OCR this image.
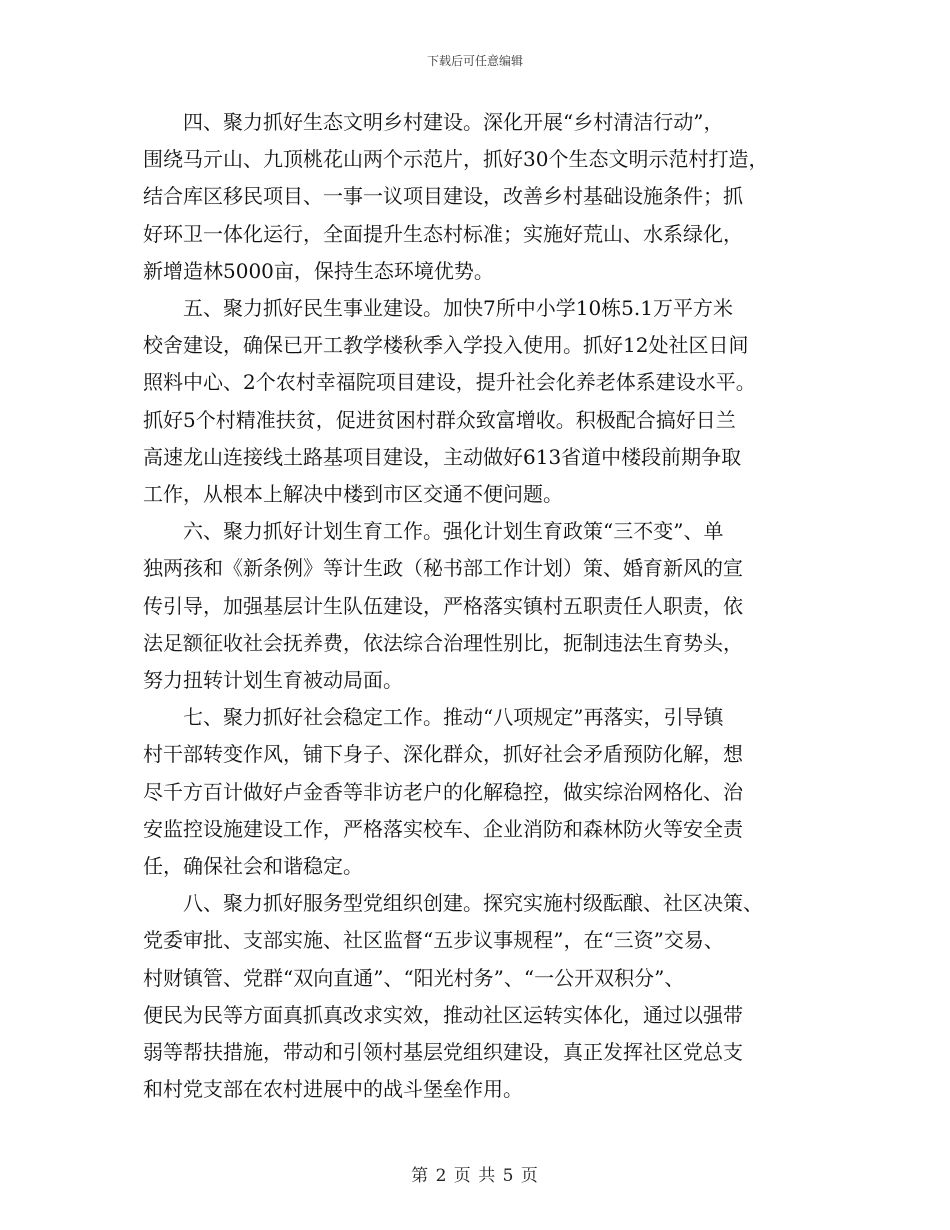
下载后可任意编辑

　　四、聚力抓好生态文明乡村建设。深化开展“乡村清洁行动”，
围绕马亓山、九顶桃花山两个示范片，抓好30个生态文明示范村打造，
结合库区移民项目、一事一议项目建设，改善乡村基础设施条件；抓
好环卫一体化运行，全面提升生态村标准；实施好荒山、水系绿化，
新增造林5000亩，保持生态环境优势。

　　五、聚力抓好民生事业建设。加快7所中小学10栋5.1万平方米
校舍建设，确保已开工教学楼秋季入学投入使用。抓好12处社区日间
照料中心、2个农村幸福院项目建设，提升社会化养老体系建设水平。
抓好5个村精准扶贫，促进贫困村群众致富增收。积极配合搞好日兰
高速龙山连接线土路基项目建设，主动做好613省道中楼段前期争取
工作，从根本上解决中楼到市区交通不便问题。

　　六、聚力抓好计划生育工作。强化计划生育政策“三不变”、单
独两孩和《新条例》等计生政（秘书部工作计划）策、婚育新风的宣
传引导，加强基层计生队伍建设，严格落实镇村五职责任人职责，依
法足额征收社会抚养费，依法综合治理性别比，扼制违法生育势头，
努力扭转计划生育被动局面。

　　七、聚力抓好社会稳定工作。推动“八项规定”再落实，引导镇
村干部转变作风，铺下身子、深化群众，抓好社会矛盾预防化解，想
尽千方百计做好卢金香等非访老户的化解稳控，做实综治网格化、治
安监控设施建设工作，严格落实校车、企业消防和森林防火等安全责
任，确保社会和谐稳定。

　　八、聚力抓好服务型党组织创建。探究实施村级酝酿、社区决策、
党委审批、支部实施、社区监督“五步议事规程”，在“三资”交易、
村财镇管、党群“双向直通”、“阳光村务”、“一公开双积分”、
便民为民等方面真抓真改求实效，推动社区运转实体化，通过以强带
弱等帮扶措施，带动和引领村基层党组织建设，真正发挥社区党总支
和村党支部在农村进展中的战斗堡垒作用。

第 2 页 共 5 页
